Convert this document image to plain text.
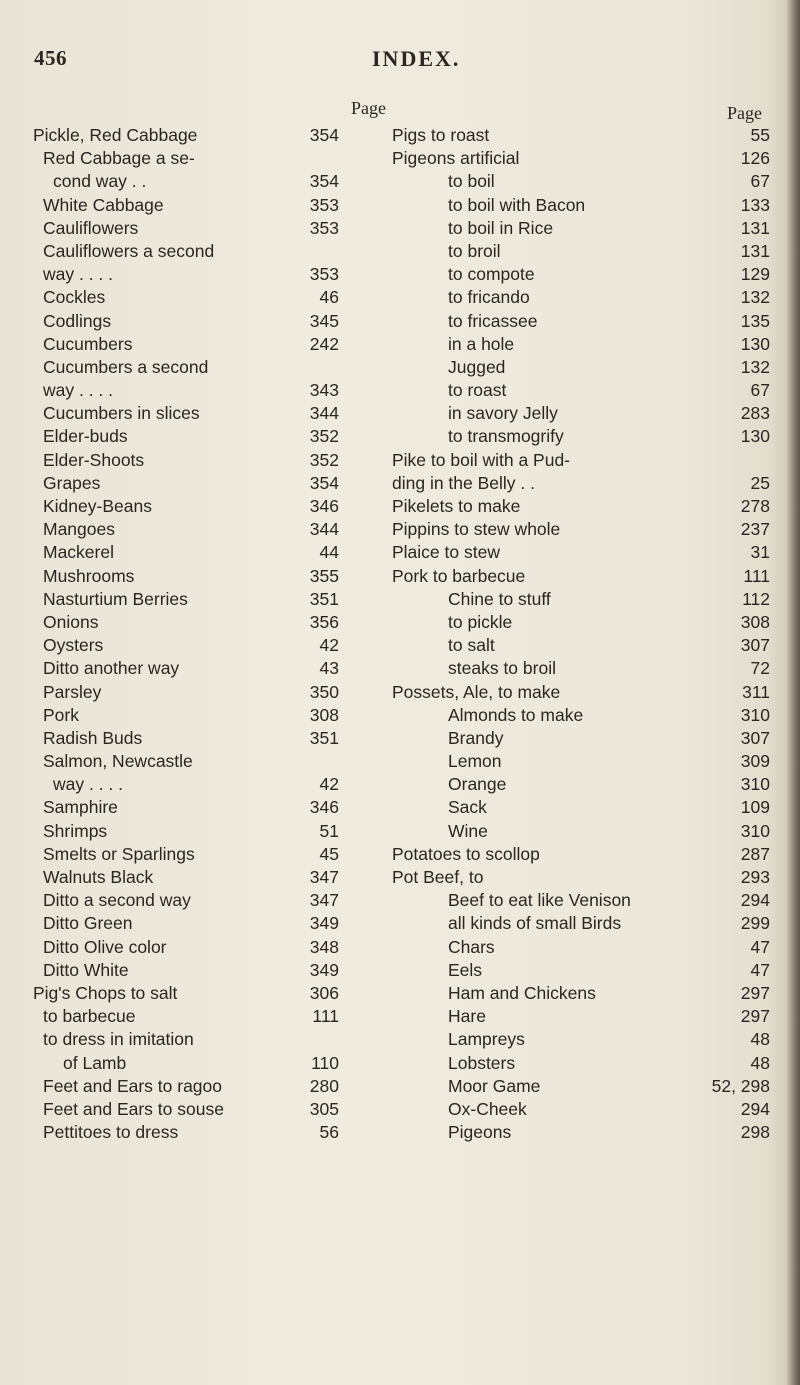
456	INDEX.
Page	Page
Pickle, Red Cabbage	354
Red Cabbage a se-
cond way . .	354
White Cabbage	353
Cauliflowers	353
Cauliflowers a second
way . . . .	353
Cockles	46
Codlings	345
Cucumbers	242
Cucumbers a second
way . . . .	343
Cucumbers in slices	344
Elder-buds	352
Elder-Shoots	352
Grapes	354
Kidney-Beans	346
Mangoes	344
Mackerel	44
Mushrooms	355
Nasturtium Berries	351
Onions	356
Oysters	42
Ditto another way	43
Parsley	350
Pork	308
Radish Buds	351
Salmon, Newcastle
way . . . .	42
Samphire	346
Shrimps	51
Smelts or Sparlings	45
Walnuts Black	347
Ditto a second way	347
Ditto Green	349
Ditto Olive color	348
Ditto White	349
Pig's Chops to salt	306
to barbecue	111
to dress in imitation
of Lamb	110
Feet and Ears to ragoo	280
Feet and Ears to souse	305
Pettitoes to dress	56
Pigs to roast	55
Pigeons artificial	126
to boil	67
to boil with Bacon	133
to boil in Rice	131
to broil	131
to compote	129
to fricando	132
to fricassee	135
in a hole	130
Jugged	132
to roast	67
in savory Jelly	283
to transmogrify	130
Pike to boil with a Pud-
ding in the Belly . .	25
Pikelets to make	278
Pippins to stew whole	237
Plaice to stew	31
Pork to barbecue	111
Chine to stuff	112
to pickle	308
to salt	307
steaks to broil	72
Possets, Ale, to make	311
Almonds to make	310
Brandy	307
Lemon	309
Orange	310
Sack	109
Wine	310
Potatoes to scollop	287
Pot Beef, to	293
Beef to eat like Venison	294
all kinds of small Birds	299
Chars	47
Eels	47
Ham and Chickens	297
Hare	297
Lampreys	48
Lobsters	48
Moor Game	52, 298
Ox-Cheek	294
Pigeons	298
